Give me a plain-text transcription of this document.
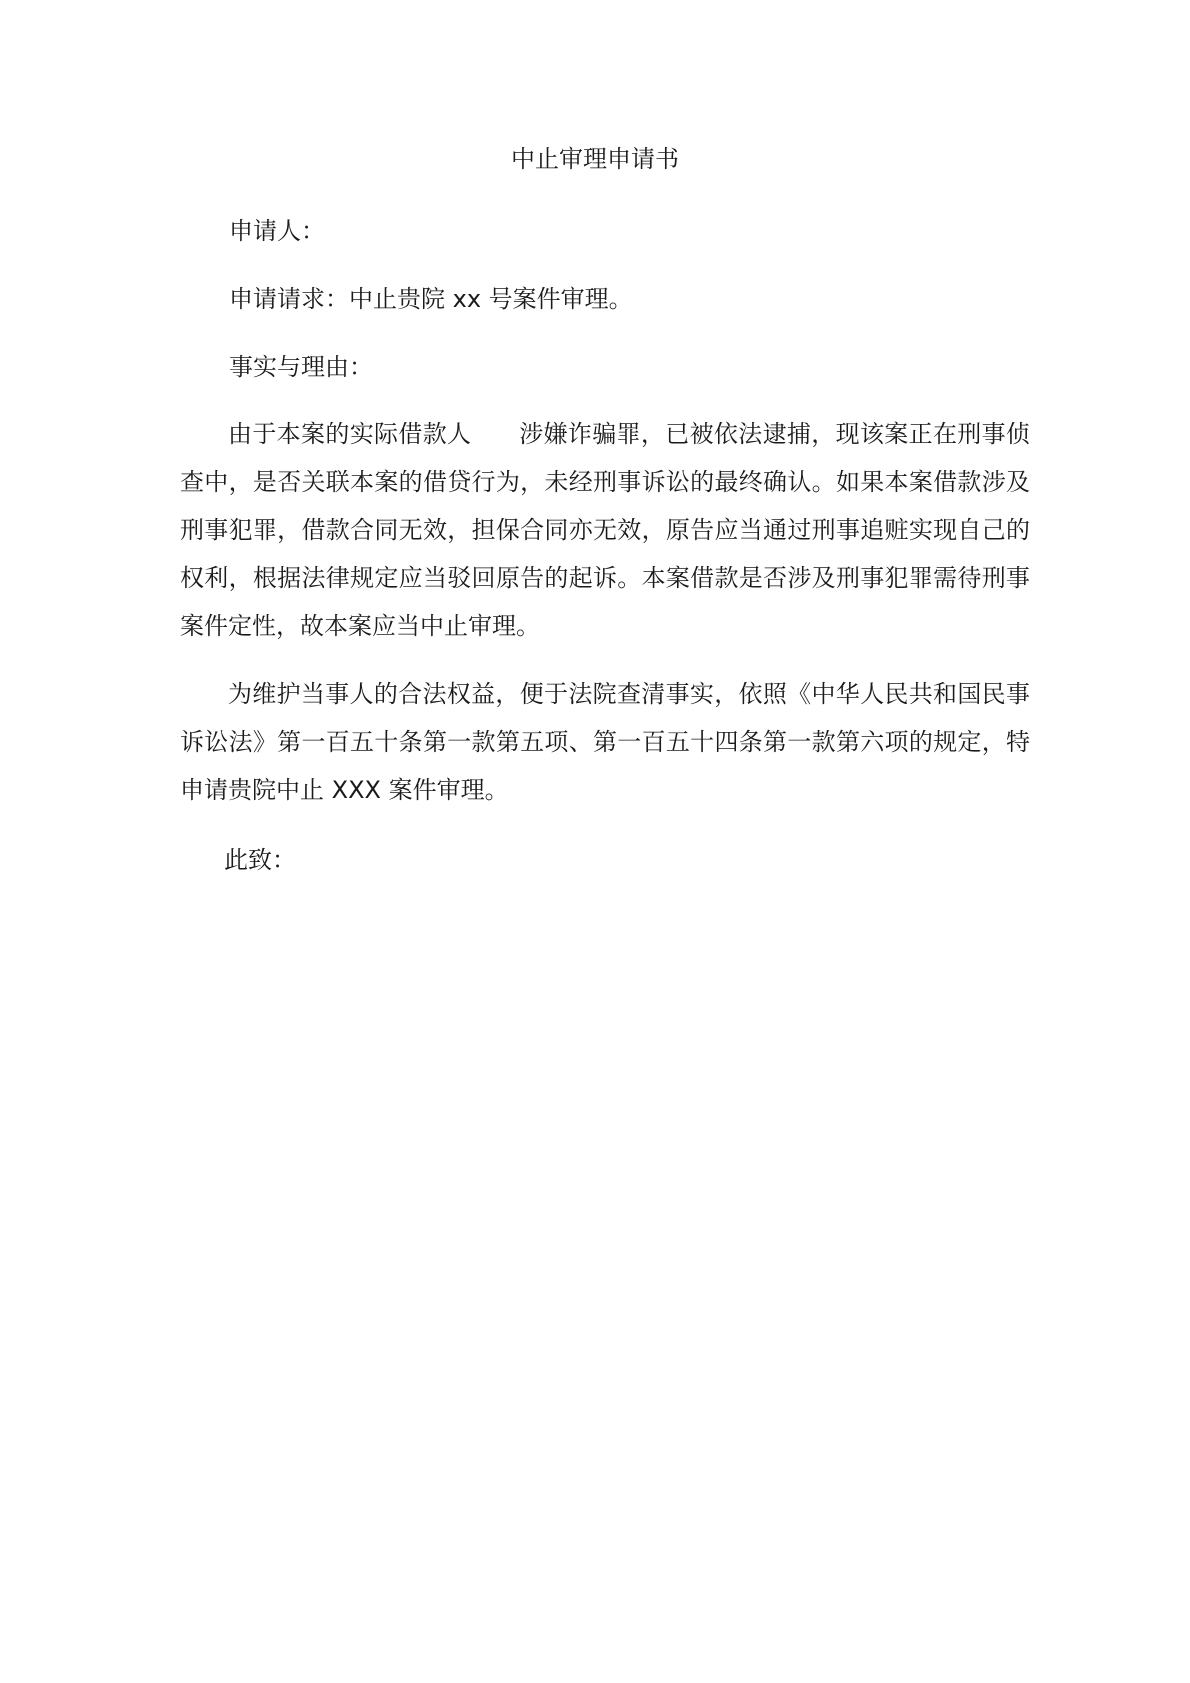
中止审理申请书

申请人：

申请请求：中止贵院 xx 号案件审理。

事实与理由：

由于本案的实际借款人      涉嫌诈骗罪，已被依法逮捕，现该案正在刑事侦查中，是否关联本案的借贷行为，未经刑事诉讼的最终确认。如果本案借款涉及刑事犯罪，借款合同无效，担保合同亦无效，原告应当通过刑事追赃实现自己的权利，根据法律规定应当驳回原告的起诉。本案借款是否涉及刑事犯罪需待刑事案件定性，故本案应当中止审理。

为维护当事人的合法权益，便于法院查清事实，依照《中华人民共和国民事诉讼法》第一百五十条第一款第五项、第一百五十四条第一款第六项的规定，特申请贵院中止 XXX 案件审理。

此致：
